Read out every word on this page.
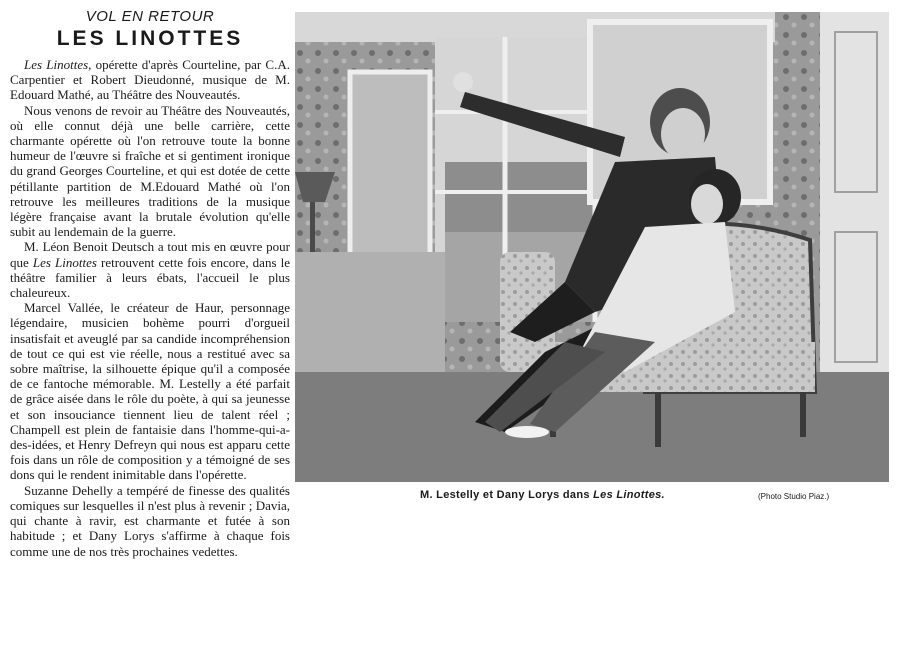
VOL EN RETOUR

LES LINOTTES

Les Linottes, opérette d'après Courteline, par C.A. Carpentier et Robert Dieudonné, musique de M. Edouard Mathé, au Théâtre des Nouveautés.

Nous venons de revoir au Théâtre des Nouveautés, où elle connut déjà une belle carrière, cette charmante opérette où l'on retrouve toute la bonne humeur de l'œuvre si fraîche et si gentiment ironique du grand Georges Courteline, et qui est dotée de cette pétillante partition de M.Edouard Mathé où l'on retrouve les meilleures traditions de la musique légère française avant la brutale évolution qu'elle subit au lendemain de la guerre.

M. Léon Benoit Deutsch a tout mis en œuvre pour que Les Linottes retrouvent cette fois encore, dans le théâtre familier à leurs ébats, l'accueil le plus chaleureux.

Marcel Vallée, le créateur de Haur, personnage légendaire, musicien bohème pourri d'orgueil insatisfait et aveuglé par sa candide incompréhension de tout ce qui est vie réelle, nous a restitué avec sa sobre maîtrise, la silhouette épique qu'il a composée de ce fantoche mémorable. M. Lestelly a été parfait de grâce aisée dans le rôle du poète, à qui sa jeunesse et son insouciance tiennent lieu de talent réel ; Champell est plein de fantaisie dans l'homme-qui-a-des-idées, et Henry Defreyn qui nous est apparu cette fois dans un rôle de composition y a témoigné de ses dons qui le rendent inimitable dans l'opérette.

Suzanne Dehelly a tempéré de finesse des qualités comiques sur lesquelles il n'est plus à revenir ; Davia, qui chante à ravir, est charmante et futée à son habitude ; et Dany Lorys s'affirme à chaque fois comme une de nos très prochaines vedettes.

M. Lestelly et Dany Lorys dans Les Linottes.	(Photo Studio Piaz.)
